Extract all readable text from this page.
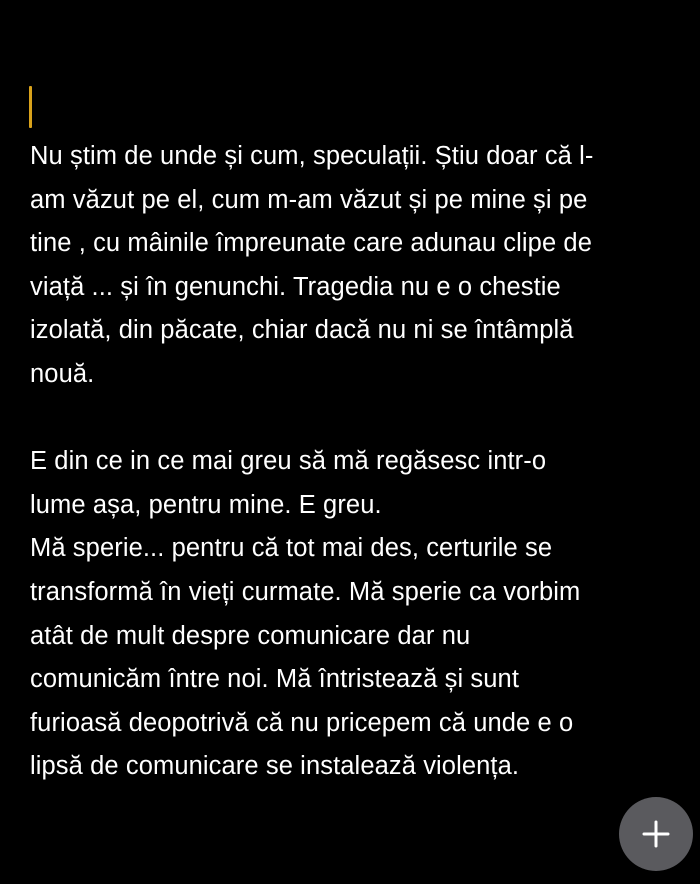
Nu știm de unde și cum, speculații. Știu doar că l-
am văzut pe el, cum m-am văzut și pe mine și pe
tine , cu mâinile împreunate care adunau clipe de
viață ... și în genunchi. Tragedia nu e o chestie
izolată, din păcate, chiar dacă nu ni se întâmplă
nouă.
E din ce in ce mai greu să mă regăsesc intr-o
lume așa, pentru mine. E greu.
Mă sperie... pentru că tot mai des, certurile se
transformă în vieți curmate. Mă sperie ca vorbim
atât de mult despre comunicare dar nu
comunicăm între noi. Mă întristează și sunt
furioasă deopotrivă că nu pricepem că unde e o
lipsă de comunicare se instalează violența.
